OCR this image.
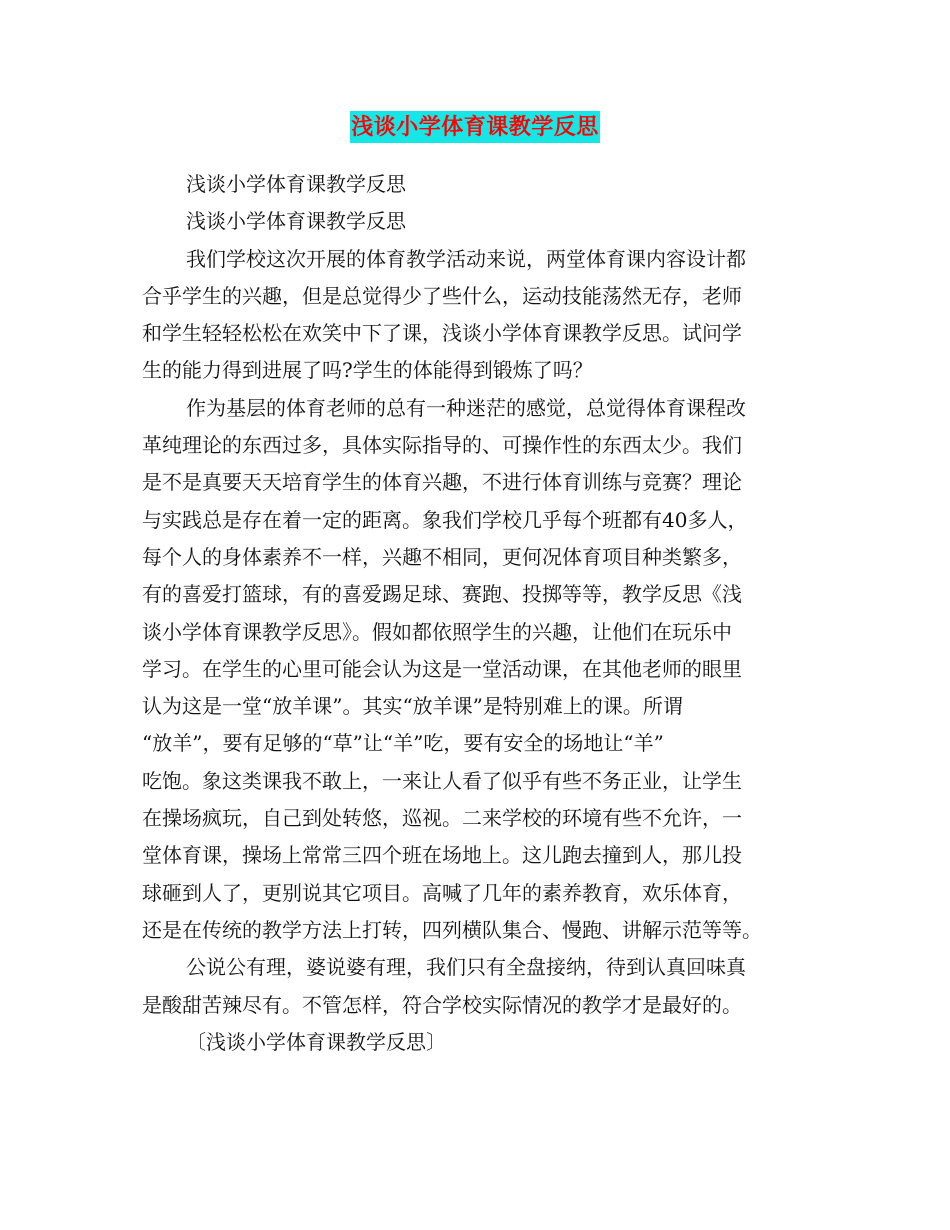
浅谈小学体育课教学反思
浅谈小学体育课教学反思
浅谈小学体育课教学反思
我们学校这次开展的体育教学活动来说，两堂体育课内容设计都
合乎学生的兴趣，但是总觉得少了些什么，运动技能荡然无存，老师
和学生轻轻松松在欢笑中下了课，浅谈小学体育课教学反思。试问学
生的能力得到进展了吗?学生的体能得到锻炼了吗？
作为基层的体育老师的总有一种迷茫的感觉，总觉得体育课程改
革纯理论的东西过多，具体实际指导的、可操作性的东西太少。我们
是不是真要天天培育学生的体育兴趣，不进行体育训练与竞赛？理论
与实践总是存在着一定的距离。象我们学校几乎每个班都有40多人，
每个人的身体素养不一样，兴趣不相同，更何况体育项目种类繁多，
有的喜爱打篮球，有的喜爱踢足球、赛跑、投掷等等，教学反思《浅
谈小学体育课教学反思》。假如都依照学生的兴趣，让他们在玩乐中
学习。在学生的心里可能会认为这是一堂活动课，在其他老师的眼里
认为这是一堂“放羊课”。其实“放羊课”是特别难上的课。所谓
“放羊”，要有足够的“草”让“羊”吃，要有安全的场地让“羊”
吃饱。象这类课我不敢上，一来让人看了似乎有些不务正业，让学生
在操场疯玩，自己到处转悠，巡视。二来学校的环境有些不允许，一
堂体育课，操场上常常三四个班在场地上。这儿跑去撞到人，那儿投
球砸到人了，更别说其它项目。高喊了几年的素养教育，欢乐体育，
还是在传统的教学方法上打转，四列横队集合、慢跑、讲解示范等等。
公说公有理，婆说婆有理，我们只有全盘接纳，待到认真回味真
是酸甜苦辣尽有。不管怎样，符合学校实际情况的教学才是最好的。
〔浅谈小学体育课教学反思〕
